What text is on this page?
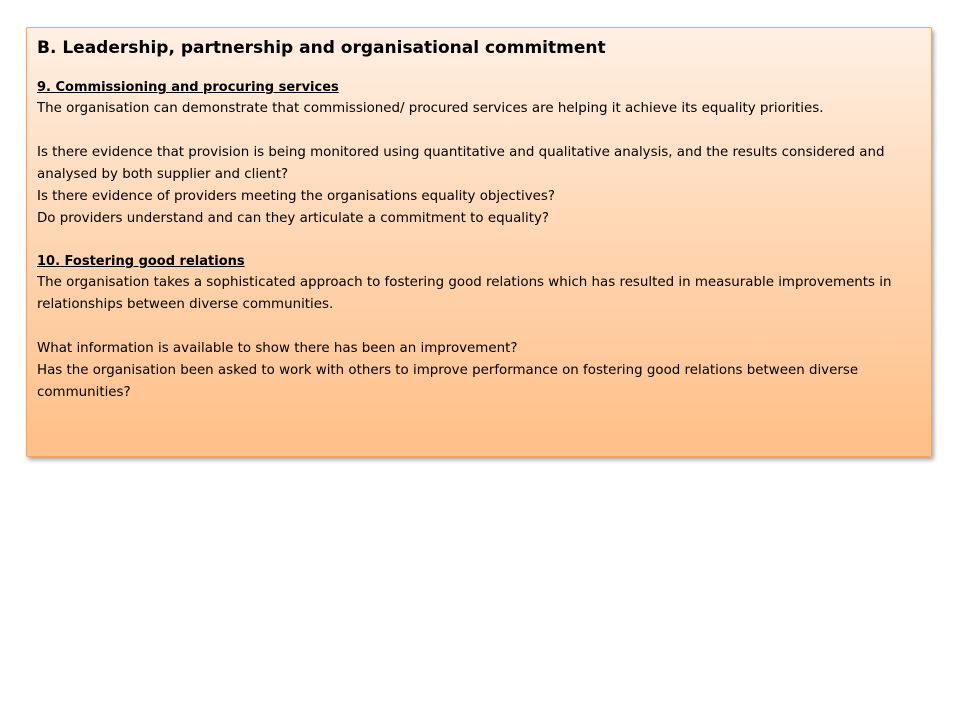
B. Leadership, partnership and organisational commitment
9. Commissioning and procuring services

The organisation can demonstrate that commissioned/ procured services are helping it achieve its equality priorities.

Is there evidence that provision is being monitored using quantitative and qualitative analysis, and the results considered and analysed by both supplier and client?

Is there evidence of providers meeting the organisations equality objectives?

Do providers understand and can they articulate a commitment to equality?

10. Fostering good relations

The organisation takes a sophisticated approach to fostering good relations which has resulted in measurable improvements in relationships between diverse communities.

What information is available to show there has been an improvement?

Has the organisation been asked to work with others to improve performance on fostering good relations between diverse communities?
